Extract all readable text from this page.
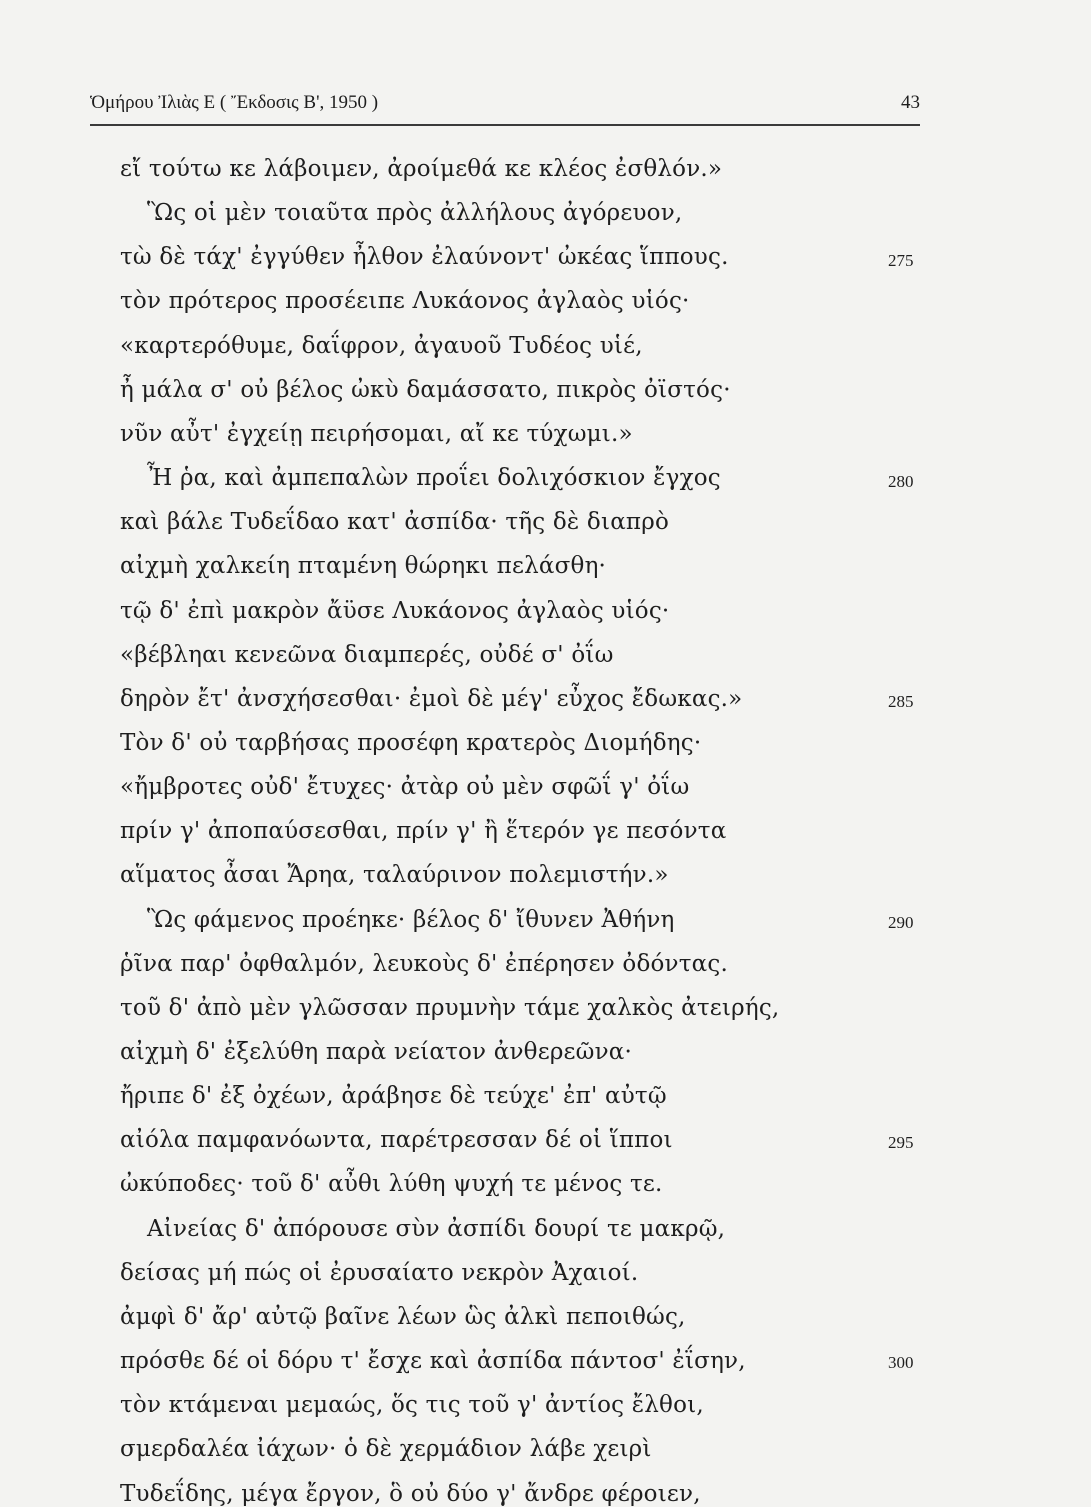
Ὁμήρου Ἰλιὰς Ε ( Ἔκδοσις Β', 1950 )	43
εἴ τούτω κε λάβοιμεν, ἀροίμεθά κε κλέος ἐσθλόν.»
Ὣς οἱ μὲν τοιαῦτα πρὸς ἀλλήλους ἀγόρευον,
τὼ δὲ τάχ' ἐγγύθεν ἦλθον ἐλαύνοντ' ὠκέας ἵππους.
τὸν πρότερος προσέειπε Λυκάονος ἀγλαὸς υἱός·
«καρτερόθυμε, δαΐφρον, ἀγαυοῦ Τυδέος υἱέ,
ἦ μάλα σ' οὐ βέλος ὠκὺ δαμάσσατο, πικρὸς ὀϊστός·
νῦν αὖτ' ἐγχείῃ πειρήσομαι, αἴ κε τύχωμι.»
Ἦ ῥα, καὶ ἀμπεπαλὼν προΐει δολιχόσκιον ἔγχος
καὶ βάλε Τυδεΐδαο κατ' ἀσπίδα· τῆς δὲ διαπρὸ
αἰχμὴ χαλκείη πταμένη θώρηκι πελάσθη·
τῷ δ' ἐπὶ μακρὸν ἄϋσε Λυκάονος ἀγλαὸς υἱός·
«βέβληαι κενεῶνα διαμπερές, οὐδέ σ' ὀΐω
δηρὸν ἔτ' ἀνσχήσεσθαι· ἐμοὶ δὲ μέγ' εὖχος ἔδωκας.»
Τὸν δ' οὐ ταρβήσας προσέφη κρατερὸς Διομήδης·
«ἤμβροτες οὐδ' ἔτυχες· ἀτὰρ οὐ μὲν σφῶΐ γ' ὀΐω
πρίν γ' ἀποπαύσεσθαι, πρίν γ' ἢ ἕτερόν γε πεσόντα
αἵματος ἆσαι Ἄρηα, ταλαύρινον πολεμιστήν.»
Ὣς φάμενος προέηκε· βέλος δ' ἴθυνεν Ἀθήνη
ῥῖνα παρ' ὀφθαλμόν, λευκοὺς δ' ἐπέρησεν ὀδόντας.
τοῦ δ' ἀπὸ μὲν γλῶσσαν πρυμνὴν τάμε χαλκὸς ἀτειρής,
αἰχμὴ δ' ἐξελύθη παρὰ νείατον ἀνθερεῶνα·
ἤριπε δ' ἐξ ὀχέων, ἀράβησε δὲ τεύχε' ἐπ' αὐτῷ
αἰόλα παμφανόωντα, παρέτρεσσαν δέ οἱ ἵπποι
ὠκύποδες· τοῦ δ' αὖθι λύθη ψυχή τε μένος τε.
Αἰνείας δ' ἀπόρουσε σὺν ἀσπίδι δουρί τε μακρῷ,
δείσας μή πώς οἱ ἐρυσαίατο νεκρὸν Ἀχαιοί.
ἀμφὶ δ' ἄρ' αὐτῷ βαῖνε λέων ὣς ἀλκὶ πεποιθώς,
πρόσθε δέ οἱ δόρυ τ' ἔσχε καὶ ἀσπίδα πάντοσ' ἐΐσην,
τὸν κτάμεναι μεμαώς, ὅς τις τοῦ γ' ἀντίος ἔλθοι,
σμερδαλέα ἰάχων· ὁ δὲ χερμάδιον λάβε χειρὶ
Τυδεΐδης, μέγα ἔργον, ὃ οὐ δύο γ' ἄνδρε φέροιεν,
275
280
285
290
295
300
